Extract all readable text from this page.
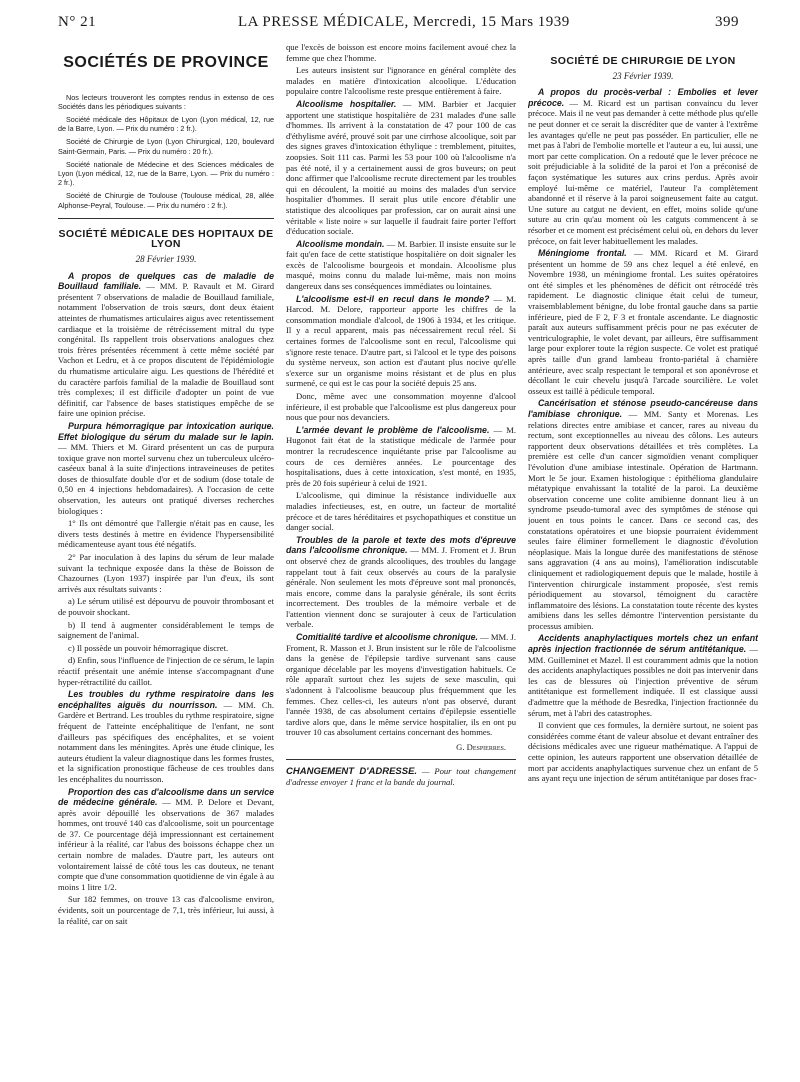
N° 21	LA PRESSE MÉDICALE, Mercredi, 15 Mars 1939	399
SOCIÉTÉS DE PROVINCE

Nos lecteurs trouveront les comptes rendus in extenso de ces Sociétés dans les périodiques suivants :

Société médicale des Hôpitaux de Lyon (Lyon médical, 12, rue de la Barre, Lyon. — Prix du numéro : 2 fr.).

Société de Chirurgie de Lyon (Lyon Chirurgical, 120, boulevard Saint-Germain, Paris. — Prix du numéro : 20 fr.).

Société nationale de Médecine et des Sciences médicales de Lyon (Lyon médical, 12, rue de la Barre, Lyon. — Prix du numéro : 2 fr.).

Société de Chirurgie de Toulouse (Toulouse médical, 28, allée Alphonse-Peyral, Toulouse. — Prix du numéro : 2 fr.).

SOCIÉTÉ MÉDICALE DES HOPITAUX DE LYON
28 Février 1939.

A propos de quelques cas de maladie de Bouillaud familiale. — MM. P. Ravault et M. Girard présentent 7 observations de maladie de Bouillaud familiale, notamment l'observation de trois sœurs, dont deux étaient atteintes de rhumatismes articulaires aigus avec retentissement cardiaque et la troisième de rétrécissement mitral du type congénital. Ils rappellent trois observations analogues chez trois frères présentées récemment à cette même société par Vachon et Ledru, et à ce propos discutent de l'épidémiologie du rhumatisme articulaire aigu. Les questions de l'hérédité et du caractère parfois familial de la maladie de Bouillaud sont très complexes; il est difficile d'adopter un point de vue définitif, car l'absence de bases statistiques empêche de se faire une opinion précise.

Purpura hémorragique par intoxication aurique. Effet biologique du sérum du malade sur le lapin. — MM. Thiers et M. Girard présentent un cas de purpura toxique grave non mortel survenu chez un tuberculeux ulcéro-caséeux banal à la suite d'injections intraveineuses de petites doses de thiosulfate double d'or et de sodium (dose totale de 0,50 en 4 injections hebdomadaires). A l'occasion de cette observation, les auteurs ont pratiqué diverses recherches biologiques :

1° Ils ont démontré que l'allergie n'était pas en cause, les divers tests destinés à mettre en évidence l'hypersensibilité médicamenteuse ayant tous été négatifs.

2° Par inoculation à des lapins du sérum de leur malade suivant la technique exposée dans la thèse de Boisson de Chazournes (Lyon 1937) inspirée par l'un d'eux, ils sont arrivés aux résultats suivants :

a) Le sérum utilisé est dépourvu de pouvoir thrombosant et de pouvoir shockant.

b) Il tend à augmenter considérablement le temps de saignement de l'animal.

c) Il possède un pouvoir hémorragique discret.

d) Enfin, sous l'influence de l'injection de ce sérum, le lapin réactif présentait une anémie intense s'accompagnant d'une hyper-rétractilité du caillot.

Les troubles du rythme respiratoire dans les encéphalites aiguës du nourrisson. — MM. Ch. Gardère et Bertrand. Les troubles du rythme respiratoire, signe fréquent de l'atteinte encéphalitique de l'enfant, ne sont d'ailleurs pas spécifiques des encéphalites, et se voient notamment dans les méningites. Après une étude clinique, les auteurs étudient la valeur diagnostique dans les formes frustes, et la signification pronostique fâcheuse de ces troubles dans les encéphalites du nourrisson.

Proportion des cas d'alcoolisme dans un service de médecine générale. — MM. P. Delore et Devant, après avoir dépouillé les observations de 367 malades hommes, ont trouvé 140 cas d'alcoolisme, soit un pourcentage de 37. Ce pourcentage déjà impressionnant est certainement inférieur à la réalité, car l'abus des boissons échappe chez un certain nombre de malades. D'autre part, les auteurs ont volontairement laissé de côté tous les cas douteux, ne tenant compte que d'une consommation quotidienne de vin égale à au moins 1 litre 1/2.

Sur 182 femmes, on trouve 13 cas d'alcoolisme environ, évidents, soit un pourcentage de 7,1, très inférieur, lui aussi, à la réalité, car on sait

que l'excès de boisson est encore moins facilement avoué chez la femme que chez l'homme.

Les auteurs insistent sur l'ignorance en général complète des malades en matière d'intoxication alcoolique. L'éducation populaire contre l'alcoolisme reste presque entièrement à faire.

Alcoolisme hospitalier. — MM. Barbier et Jacquier apportent une statistique hospitalière de 231 malades d'une salle d'hommes. Ils arrivent à la constatation de 47 pour 100 de cas d'éthylisme avéré, prouvé soit par une cirrhose alcoolique, soit par des signes graves d'intoxication éthylique : tremblement, pituites, zoopsies. Soit 111 cas. Parmi les 53 pour 100 où l'alcoolisme n'a pas été noté, il y a certainement aussi de gros buveurs; on peut donc affirmer que l'alcoolisme recrute directement par les troubles qui en découlent, la moitié au moins des malades d'un service hospitalier d'hommes. Il serait plus utile encore d'établir une statistique des alcooliques par profession, car on aurait ainsi une véritable « liste noire » sur laquelle il faudrait faire porter l'effort d'éducation sociale.

Alcoolisme mondain. — M. Barbier. Il insiste ensuite sur le fait qu'en face de cette statistique hospitalière on doit signaler les excès de l'alcoolisme bourgeois et mondain. Alcoolisme plus masqué, moins connu du malade lui-même, mais non moins dangereux dans ses conséquences immédiates ou lointaines.

L'alcoolisme est-il en recul dans le monde? — M. Harcod. M. Delore, rapporteur apporte les chiffres de la consommation mondiale d'alcool, de 1906 à 1934, et les critique. Il y a recul apparent, mais pas nécessairement recul réel. Si certaines formes de l'alcoolisme sont en recul, l'alcoolisme qui s'ignore reste tenace. D'autre part, si l'alcool et le type des poisons du système nerveux, son action est d'autant plus nocive qu'elle s'exerce sur un organisme moins résistant et de plus en plus surmené, ce qui est le cas pour la société depuis 25 ans.

Donc, même avec une consommation moyenne d'alcool inférieure, il est probable que l'alcoolisme est plus dangereux pour nous que pour nos devanciers.

L'armée devant le problème de l'alcoolisme. — M. Hugonot fait état de la statistique médicale de l'armée pour montrer la recrudescence inquiétante prise par l'alcoolisme au cours de ces dernières années. Le pourcentage des hospitalisations, dues à cette intoxication, s'est monté, en 1935, près de 20 fois supérieur à celui de 1921.

L'alcoolisme, qui diminue la résistance individuelle aux maladies infectieuses, est, en outre, un facteur de mortalité précoce et de tares héréditaires et psychopathiques et constitue un danger social.

Troubles de la parole et texte des mots d'épreuve dans l'alcoolisme chronique. — MM. J. Froment et J. Brun ont observé chez de grands alcooliques, des troubles du langage rappelant tout à fait ceux observés au cours de la paralysie générale. Non seulement les mots d'épreuve sont mal prononcés, mais encore, comme dans la paralysie générale, ils sont écrits incorrectement. Des troubles de la mémoire verbale et de l'attention viennent donc se surajouter à ceux de l'articulation verbale.

Comitialité tardive et alcoolisme chronique. — MM. J. Froment, R. Masson et J. Brun insistent sur le rôle de l'alcoolisme dans la genèse de l'épilepsie tardive survenant sans cause organique décelable par les moyens d'investigation habituels. Ce rôle apparaît surtout chez les sujets de sexe masculin, qui s'adonnent à l'alcoolisme beaucoup plus fréquemment que les femmes. Chez celles-ci, les auteurs n'ont pas observé, durant l'année 1938, de cas absolument certains d'épilepsie essentielle tardive alors que, dans le même service hospitalier, ils en ont pu trouver 10 cas absolument certains concernant des hommes.

G. Despierres.
CHANGEMENT D'ADRESSE. — Pour tout changement d'adresse envoyer 1 franc et la bande du journal.
SOCIÉTÉ DE CHIRURGIE DE LYON
23 Février 1939.

A propos du procès-verbal : Embolies et lever précoce. — M. Ricard est un partisan convaincu du lever précoce. Mais il ne veut pas demander à cette méthode plus qu'elle ne peut donner et ce serait la discréditer que de vanter à l'extrême les avantages qu'elle ne peut pas posséder. En particulier, elle ne met pas à l'abri de l'embolie mortelle et l'auteur a eu, lui aussi, une mort par cette complication. On a redouté que le lever précoce ne soit préjudiciable à la solidité de la paroi et l'on a préconisé de façon systématique les sutures aux crins perdus. Après avoir employé lui-même ce matériel, l'auteur l'a complètement abandonné et il réserve à la paroi soigneusement faite au catgut. Une suture au catgut ne devient, en effet, moins solide qu'une suture au crin qu'au moment où les catguts commencent à se résorber et ce moment est précisément celui où, en dehors du lever précoce, on fait lever habituellement les malades.

Méningiome frontal. — MM. Ricard et M. Girard présentent un homme de 59 ans chez lequel a été enlevé, en Novembre 1938, un méningiome frontal. Les suites opératoires ont été simples et les phénomènes de déficit ont rétrocédé très rapidement. Le diagnostic clinique était celui de tumeur, vraisemblablement bénigne, du lobe frontal gauche dans sa partie inférieure, pied de F 2, F 3 et frontale ascendante. Le diagnostic paraît aux auteurs suffisamment précis pour ne pas exécuter de ventriculographie, le volet devant, par ailleurs, être suffisamment large pour explorer toute la région suspecte. Ce volet est pratiqué après taille d'un grand lambeau fronto-pariétal à charnière antérieure, avec scalp respectant le temporal et son aponévrose et décollant le cuir chevelu jusqu'à l'arcade sourcilière. Le volet osseux est taillé à pédicule temporal.

Cancérisation et sténose pseudo-cancéreuse dans l'amibiase chronique. — MM. Santy et Morenas. Les relations directes entre amibiase et cancer, rares au niveau du rectum, sont exceptionnelles au niveau des côlons. Les auteurs rapportent deux observations détaillées et très complètes. La première est celle d'un cancer sigmoïdien venant compliquer l'évolution d'une amibiase intestinale. Opération de Hartmann. Mort le 5e jour. Examen histologique : épithélioma glandulaire métatypique envahissant la totalité de la paroi. La deuxième observation concerne une colite amibienne donnant lieu à un syndrome pseudo-tumoral avec des symptômes de sténose qui jouent en tous points le cancer. Dans ce second cas, des constatations opératoires et une biopsie pourraient évidemment seules faire éliminer formellement le diagnostic d'évolution néoplasique. Mais la longue durée des manifestations de sténose sans aggravation (4 ans au moins), l'amélioration indiscutable cliniquement et radiologiquement depuis que le malade, hostile à l'intervention chirurgicale instamment proposée, s'est remis périodiquement au stovarsol, témoignent du caractère inflammatoire des lésions. La constatation toute récente des kystes amibiens dans les selles démontre l'intervention persistante du processus amibien.

Accidents anaphylactiques mortels chez un enfant après injection fractionnée de sérum antitétanique. — MM. Guilleminet et Mazel. Il est couramment admis que la notion des accidents anaphylactiques possibles ne doit pas intervenir dans les cas de blessures où l'injection préventive de sérum antitétanique est formellement indiquée. Il est classique aussi d'admettre que la méthode de Besredka, l'injection fractionnée du sérum, met à l'abri des catastrophes.

Il convient que ces formules, la dernière surtout, ne soient pas considérées comme étant de valeur absolue et devant entraîner des décisions médicales avec une rigueur mathématique. A l'appui de cette opinion, les auteurs rapportent une observation détaillée de mort par accidents anaphylactiques survenue chez un enfant de 5 ans ayant reçu une injection de sérum antitétanique par doses frac-
